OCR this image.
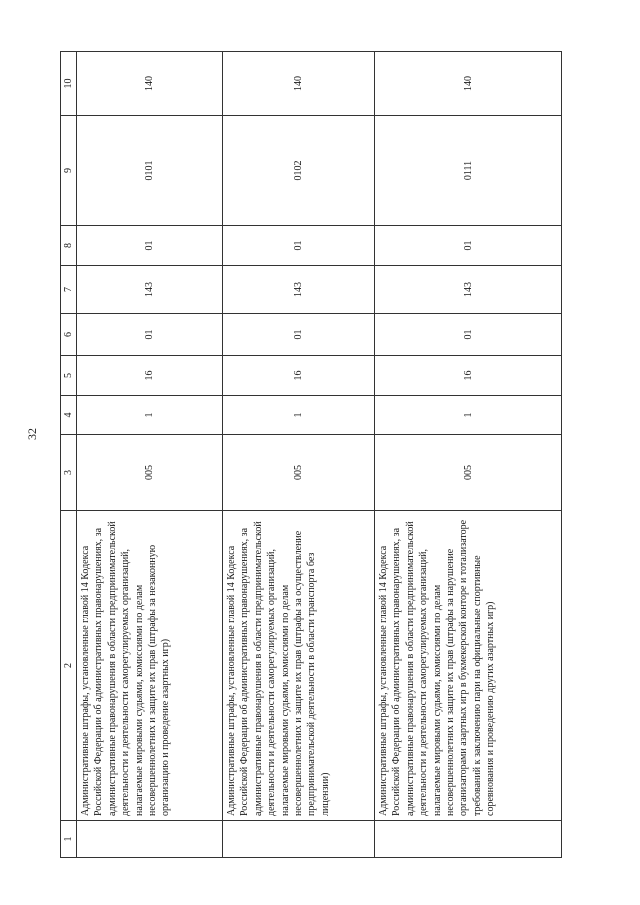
32
1	2	3	4	5	6	7	8	9	10
	Административные штрафы, установленные главой 14 Кодекса Российской Федерации об административных правонарушениях, за административные правонарушения в области предпринимательской деятельности и деятельности саморегулируемых организаций, налагаемые мировыми судьями, комиссиями по делам несовершеннолетних и защите их прав (штрафы за незаконную организацию и проведение азартных игр)	005	1	16	01	143	01	0101	140
	Административные штрафы, установленные главой 14 Кодекса Российской Федерации об административных правонарушениях, за административные правонарушения в области предпринимательской деятельности и деятельности саморегулируемых организаций, налагаемые мировыми судьями, комиссиями по делам несовершеннолетних и защите их прав (штрафы за осуществление предпринимательской деятельности в области транспорта без лицензии)	005	1	16	01	143	01	0102	140
	Административные штрафы, установленные главой 14 Кодекса Российской Федерации об административных правонарушениях, за административные правонарушения в области предпринимательской деятельности и деятельности саморегулируемых организаций, налагаемые мировыми судьями, комиссиями по делам несовершеннолетних и защите их прав (штрафы за нарушение организаторами азартных игр в букмекерской конторе и тотализаторе требований к заключению пари на официальные спортивные соревнования и проведению других азартных игр)	005	1	16	01	143	01	0111	140
